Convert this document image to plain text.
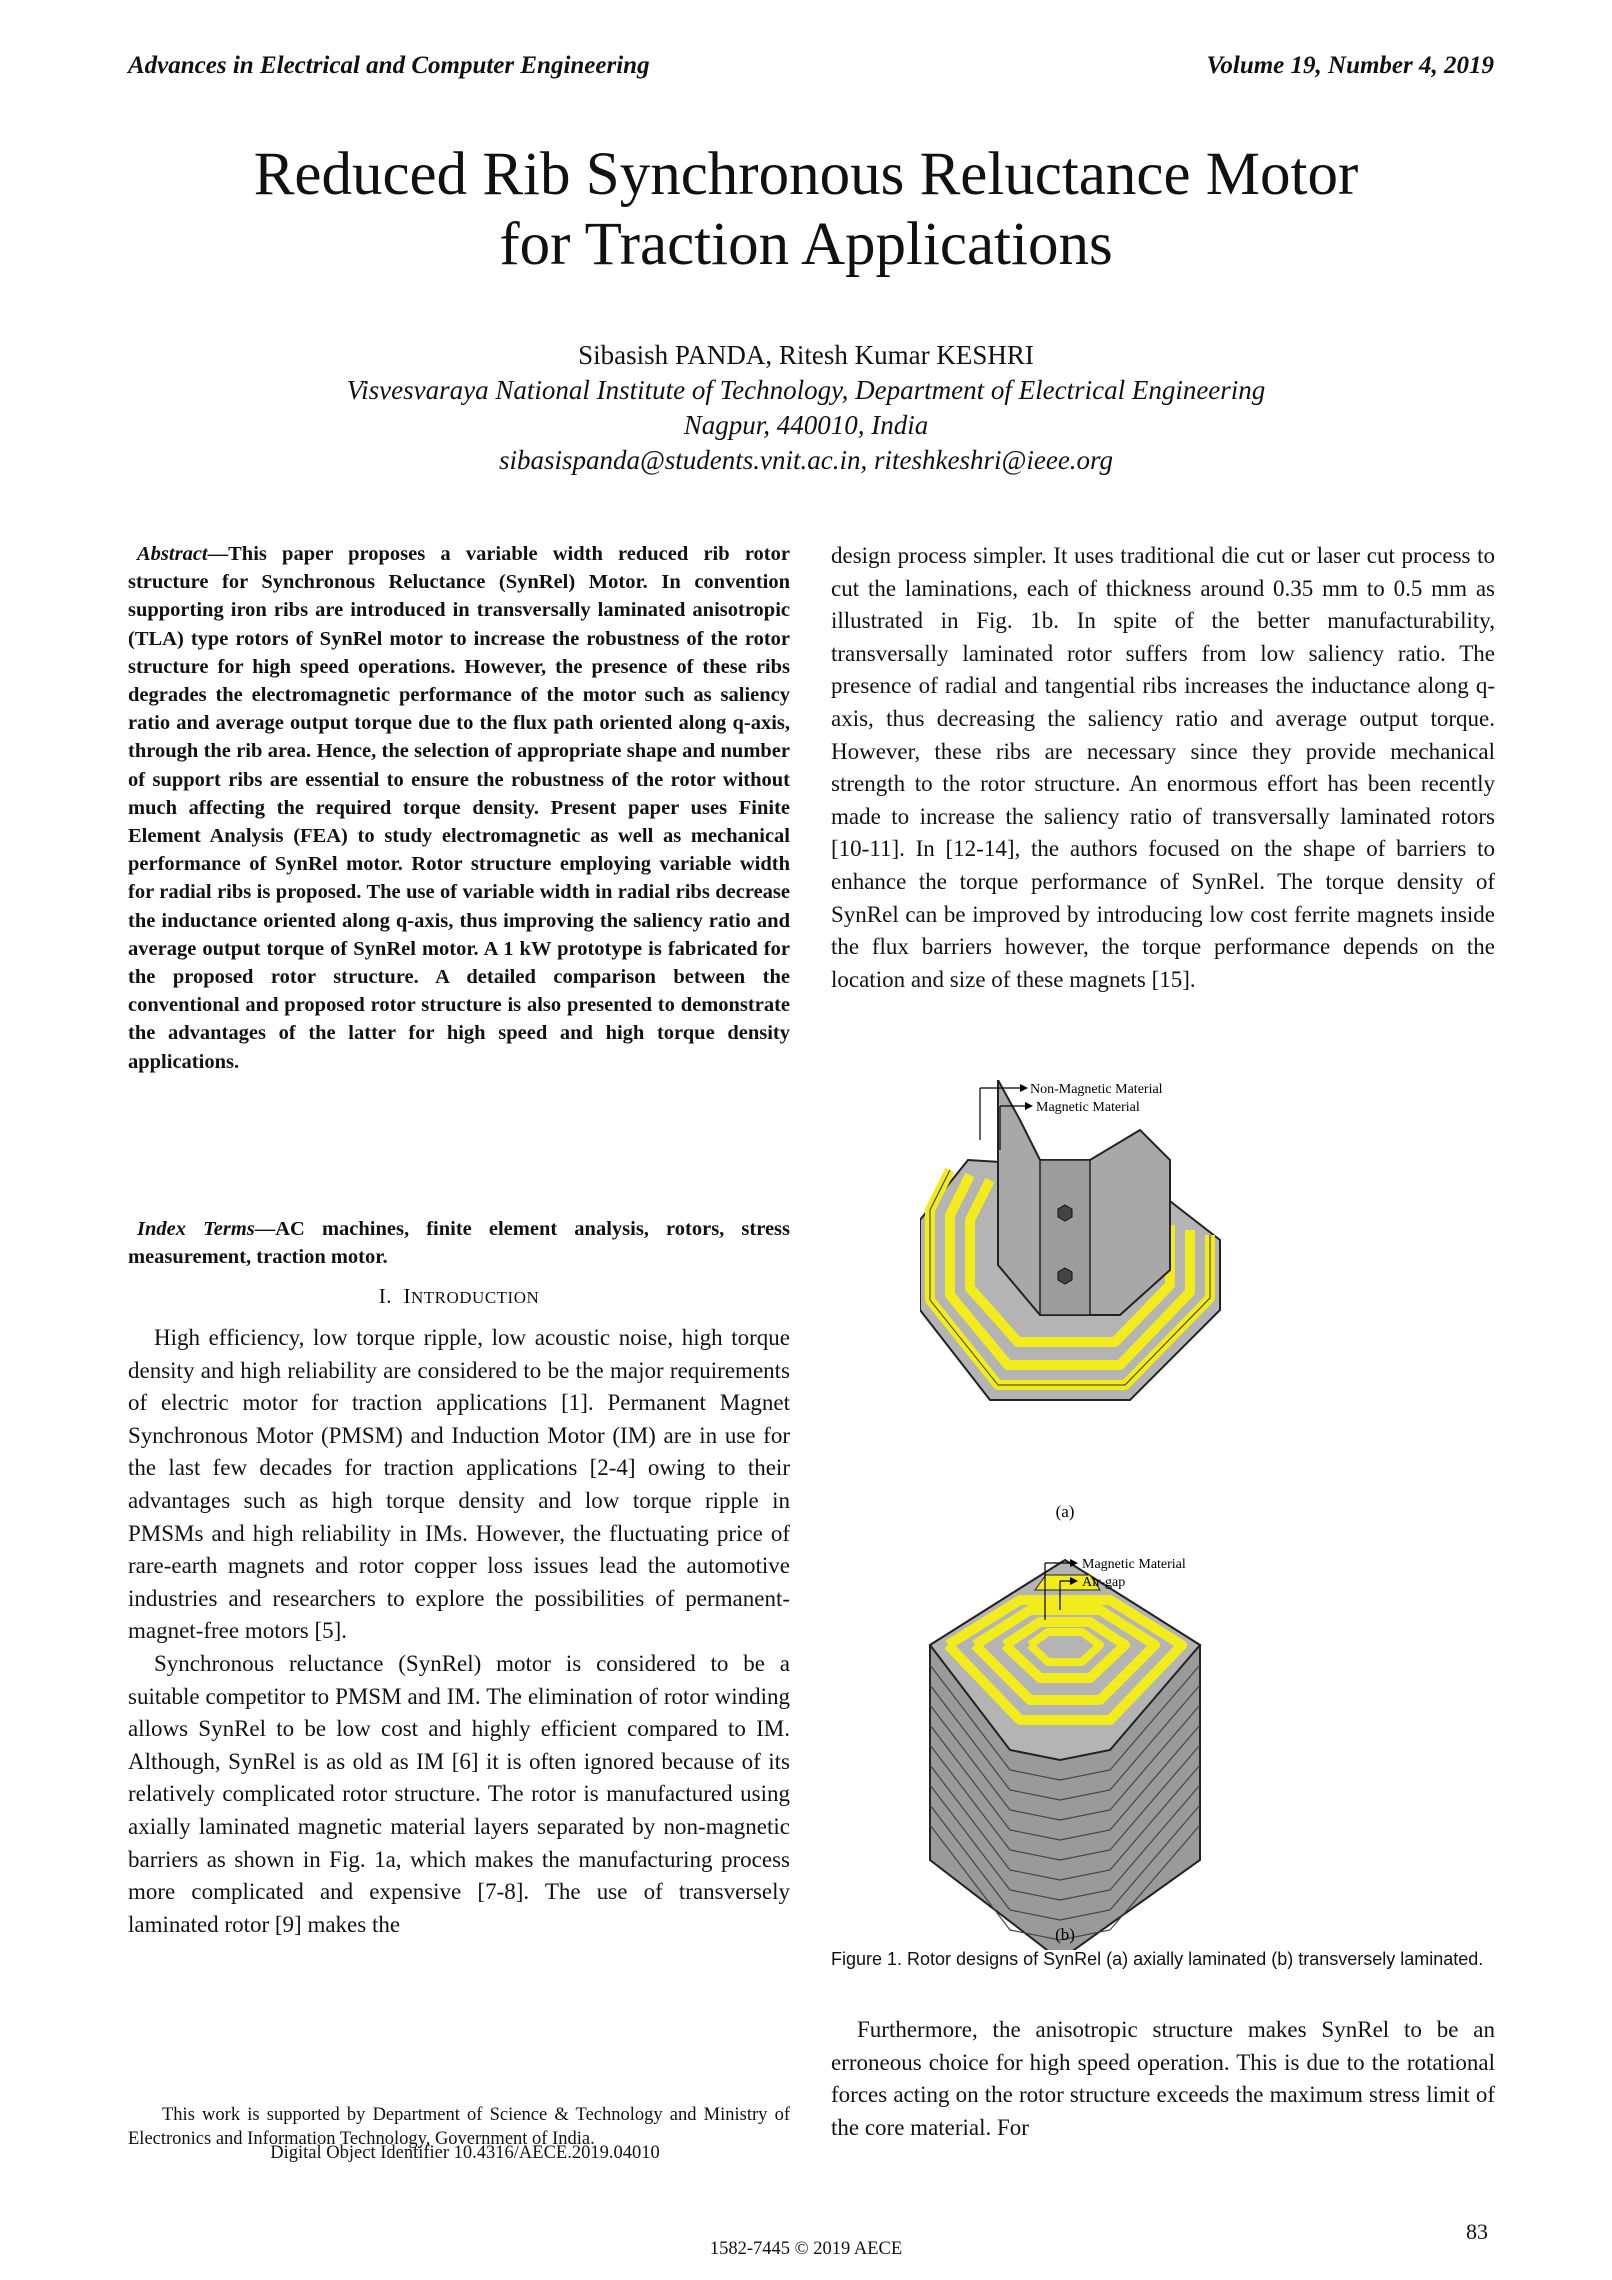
Advances in Electrical and Computer Engineering	Volume 19, Number 4, 2019
Reduced Rib Synchronous Reluctance Motor
for Traction Applications
Sibasish PANDA, Ritesh Kumar KESHRI
Visvesvaraya National Institute of Technology, Department of Electrical Engineering
Nagpur, 440010, India
sibasispanda@students.vnit.ac.in, riteshkeshri@ieee.org

Abstract—This paper proposes a variable width reduced rib rotor structure for Synchronous Reluctance (SynRel) Motor. In convention supporting iron ribs are introduced in transversally laminated anisotropic (TLA) type rotors of SynRel motor to increase the robustness of the rotor structure for high speed operations. However, the presence of these ribs degrades the electromagnetic performance of the motor such as saliency ratio and average output torque due to the flux path oriented along q-axis, through the rib area. Hence, the selection of appropriate shape and number of support ribs are essential to ensure the robustness of the rotor without much affecting the required torque density. Present paper uses Finite Element Analysis (FEA) to study electromagnetic as well as mechanical performance of SynRel motor. Rotor structure employing variable width for radial ribs is proposed. The use of variable width in radial ribs decrease the inductance oriented along q-axis, thus improving the saliency ratio and average output torque of SynRel motor. A 1 kW prototype is fabricated for the proposed rotor structure. A detailed comparison between the conventional and proposed rotor structure is also presented to demonstrate the advantages of the latter for high speed and high torque density applications.

Index Terms—AC machines, finite element analysis, rotors, stress measurement, traction motor.

I. INTRODUCTION

High efficiency, low torque ripple, low acoustic noise, high torque density and high reliability are considered to be the major requirements of electric motor for traction applications [1]. Permanent Magnet Synchronous Motor (PMSM) and Induction Motor (IM) are in use for the last few decades for traction applications [2-4] owing to their advantages such as high torque density and low torque ripple in PMSMs and high reliability in IMs. However, the fluctuating price of rare-earth magnets and rotor copper loss issues lead the automotive industries and researchers to explore the possibilities of permanent-magnet-free motors [5].

Synchronous reluctance (SynRel) motor is considered to be a suitable competitor to PMSM and IM. The elimination of rotor winding allows SynRel to be low cost and highly efficient compared to IM. Although, SynRel is as old as IM [6] it is often ignored because of its relatively complicated rotor structure. The rotor is manufactured using axially laminated magnetic material layers separated by non-magnetic barriers as shown in Fig. 1a, which makes the manufacturing process more complicated and expensive [7-8]. The use of transversely laminated rotor [9] makes the

This work is supported by Department of Science & Technology and Ministry of Electronics and Information Technology, Government of India.

Digital Object Identifier 10.4316/AECE.2019.04010

design process simpler. It uses traditional die cut or laser cut process to cut the laminations, each of thickness around 0.35 mm to 0.5 mm as illustrated in Fig. 1b. In spite of the better manufacturability, transversally laminated rotor suffers from low saliency ratio. The presence of radial and tangential ribs increases the inductance along q-axis, thus decreasing the saliency ratio and average output torque. However, these ribs are necessary since they provide mechanical strength to the rotor structure. An enormous effort has been recently made to increase the saliency ratio of transversally laminated rotors [10-11]. In [12-14], the authors focused on the shape of barriers to enhance the torque performance of SynRel. The torque density of SynRel can be improved by introducing low cost ferrite magnets inside the flux barriers however, the torque performance depends on the location and size of these magnets [15].

Non-Magnetic Material
Magnetic Material
(a)
Magnetic Material
Air-gap
(b)
Figure 1. Rotor designs of SynRel (a) axially laminated (b) transversely laminated.

Furthermore, the anisotropic structure makes SynRel to be an erroneous choice for high speed operation. This is due to the rotational forces acting on the rotor structure exceeds the maximum stress limit of the core material. For

83
1582-7445 © 2019 AECE
